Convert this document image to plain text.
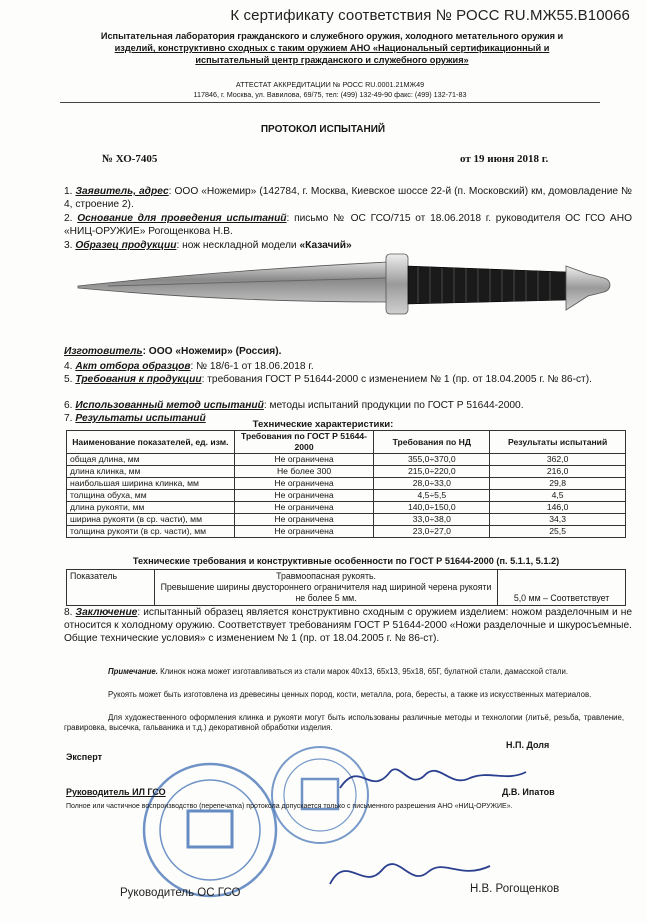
К сертификату соответствия № РОСС RU.МЖ55.В10066
Испытательная лаборатория гражданского и служебного оружия, холодного метательного оружия и
изделий, конструктивно сходных с таким оружием АНО «Национальный сертификационный и
испытательный центр гражданского и служебного оружия»
АТТЕСТАТ АККРЕДИТАЦИИ № РОСС RU.0001.21МЖ49
117846, г. Москва, ул. Вавилова, 69/75, тел: (499) 132-49-90 факс: (499) 132-71-83
ПРОТОКОЛ ИСПЫТАНИЙ
№ ХО-7405	от 19 июня 2018 г.
1. Заявитель, адрес: ООО «Ножемир» (142784, г. Москва, Киевское шоссе 22-й (п. Московский) км, домовладение № 4, строение 2).
2. Основание для проведения испытаний: письмо № ОС ГСО/715 от 18.06.2018 г. руководителя ОС ГСО АНО «НИЦ-ОРУЖИЕ» Рогощенкова Н.В.
3. Образец продукции: нож нескладной модели «Казачий»
Изготовитель: ООО «Ножемир» (Россия).
4. Акт отбора образцов: № 18/6-1 от 18.06.2018 г.
5. Требования к продукции: требования ГОСТ Р 51644-2000 с изменением № 1 (пр. от 18.04.2005 г. № 86-ст).
6. Использованный метод испытаний: методы испытаний продукции по ГОСТ Р 51644-2000.
7. Результаты испытаний
Технические характеристики:
Наименование показателей, ед. изм.	Требования по ГОСТ Р 51644-2000	Требования по НД	Результаты испытаний
общая длина, мм	Не ограничена	355,0÷370,0	362,0
длина клинка, мм	Не более 300	215,0÷220,0	216,0
наибольшая ширина клинка, мм	Не ограничена	28,0÷33,0	29,8
толщина обуха, мм	Не ограничена	4,5÷5,5	4,5
длина рукояти, мм	Не ограничена	140,0÷150,0	146,0
ширина рукояти (в ср. части), мм	Не ограничена	33,0÷38,0	34,3
толщина рукояти (в ср. части), мм	Не ограничена	23,0÷27,0	25,5
Технические требования и конструктивные особенности по ГОСТ Р 51644-2000 (п. 5.1.1, 5.1.2)
Показатель	Травмоопасная рукоять.
Превышение ширины двустороннего ограничителя над шириной черена рукояти не более 5 мм.	5,0 мм – Соответствует
8. Заключение: испытанный образец является конструктивно сходным с оружием изделием: ножом разделочным и не относится к холодному оружию. Соответствует требованиям ГОСТ Р 51644-2000 «Ножи разделочные и шкуросъемные. Общие технические условия» с изменением № 1 (пр. от 18.04.2005 г. № 86-ст).
Примечание. Клинок ножа может изготавливаться из стали марок 40х13, 65х13, 95х18, 65Г, булатной стали, дамасской стали.
Рукоять может быть изготовлена из древесины ценных пород, кости, металла, рога, бересты, а также из искусственных материалов.
Для художественного оформления клинка и рукояти могут быть использованы различные методы и технологии (литьё, резьба, травление, гравировка, высечка, гальваника и т.д.) декоративной обработки изделия.
Эксперт
Н.П. Доля
Руководитель ИЛ ГСО	Д.В. Ипатов
Полное или частичное воспроизводство (перепечатка) протокола допускается только с письменного разрешения АНО «НИЦ-ОРУЖИЕ».
Руководитель ОС ГСО	Н.В. Рогощенков
